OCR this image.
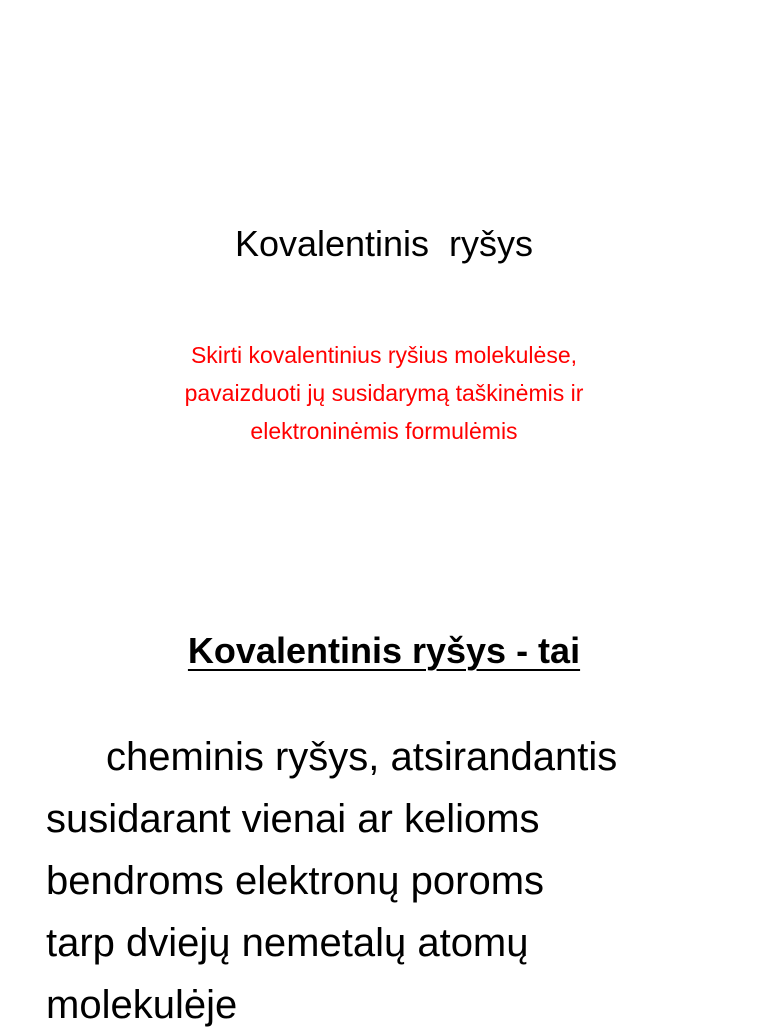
Kovalentinis  ryšys
Skirti kovalentinius ryšius molekulėse,
pavaizduoti jų susidarymą taškinėmis ir
elektroninėmis formulėmis
Kovalentinis ryšys - tai
cheminis ryšys, atsirandantis
susidarant vienai ar kelioms
bendroms elektronų poroms
tarp dviejų nemetalų atomų
molekulėje
